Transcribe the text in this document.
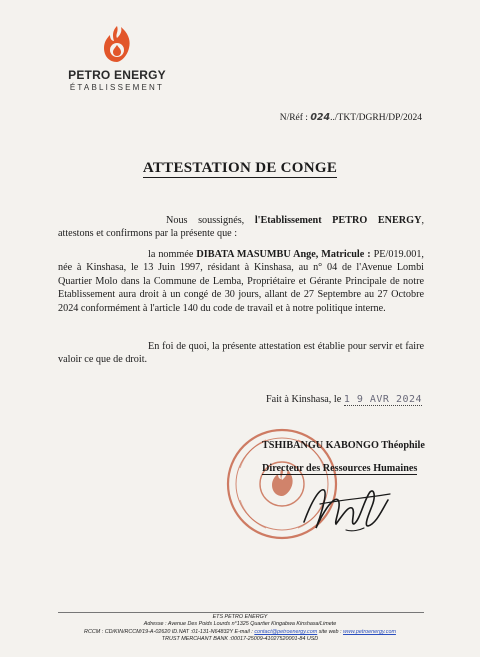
PETRO ENERGY
ÉTABLISSEMENT
N/Réf : 024../TKT/DGRH/DP/2024
ATTESTATION DE CONGE
Nous soussignés, l'Etablissement PETRO ENERGY, attestons et confirmons par la présente que :
la nommée DIBATA MASUMBU Ange, Matricule : PE/019.001, née à Kinshasa, le 13 Juin 1997, résidant à Kinshasa, au n° 04 de l'Avenue Lombi Quartier Molo dans la Commune de Lemba, Propriétaire et Gérante Principale de notre Etablissement aura droit à un congé de 30 jours, allant de 27 Septembre au 27 Octobre 2024 conformément à l'article 140 du code de travail et à notre politique interne.
En foi de quoi, la présente attestation est établie pour servir et faire valoir ce que de droit.
Fait à Kinshasa, le 1 9 AVR 2024
TSHIBANGU KABONGO Théophile
Directeur des Ressources Humaines
ETS PETRO ENERGY
Adresse : Avenue Des Poids Lourds n°1325 Quartier Kingabwa Kinshasa/Limete
RCCM : CD/KIN/RCCM/19-A-02620 ID.NAT :01-131-N64832Y E-mail : contact@petroenergy.com site web : www.petroenergy.com
TRUST MERCHANT BANK :00017-25009-41027520001-84 USD
